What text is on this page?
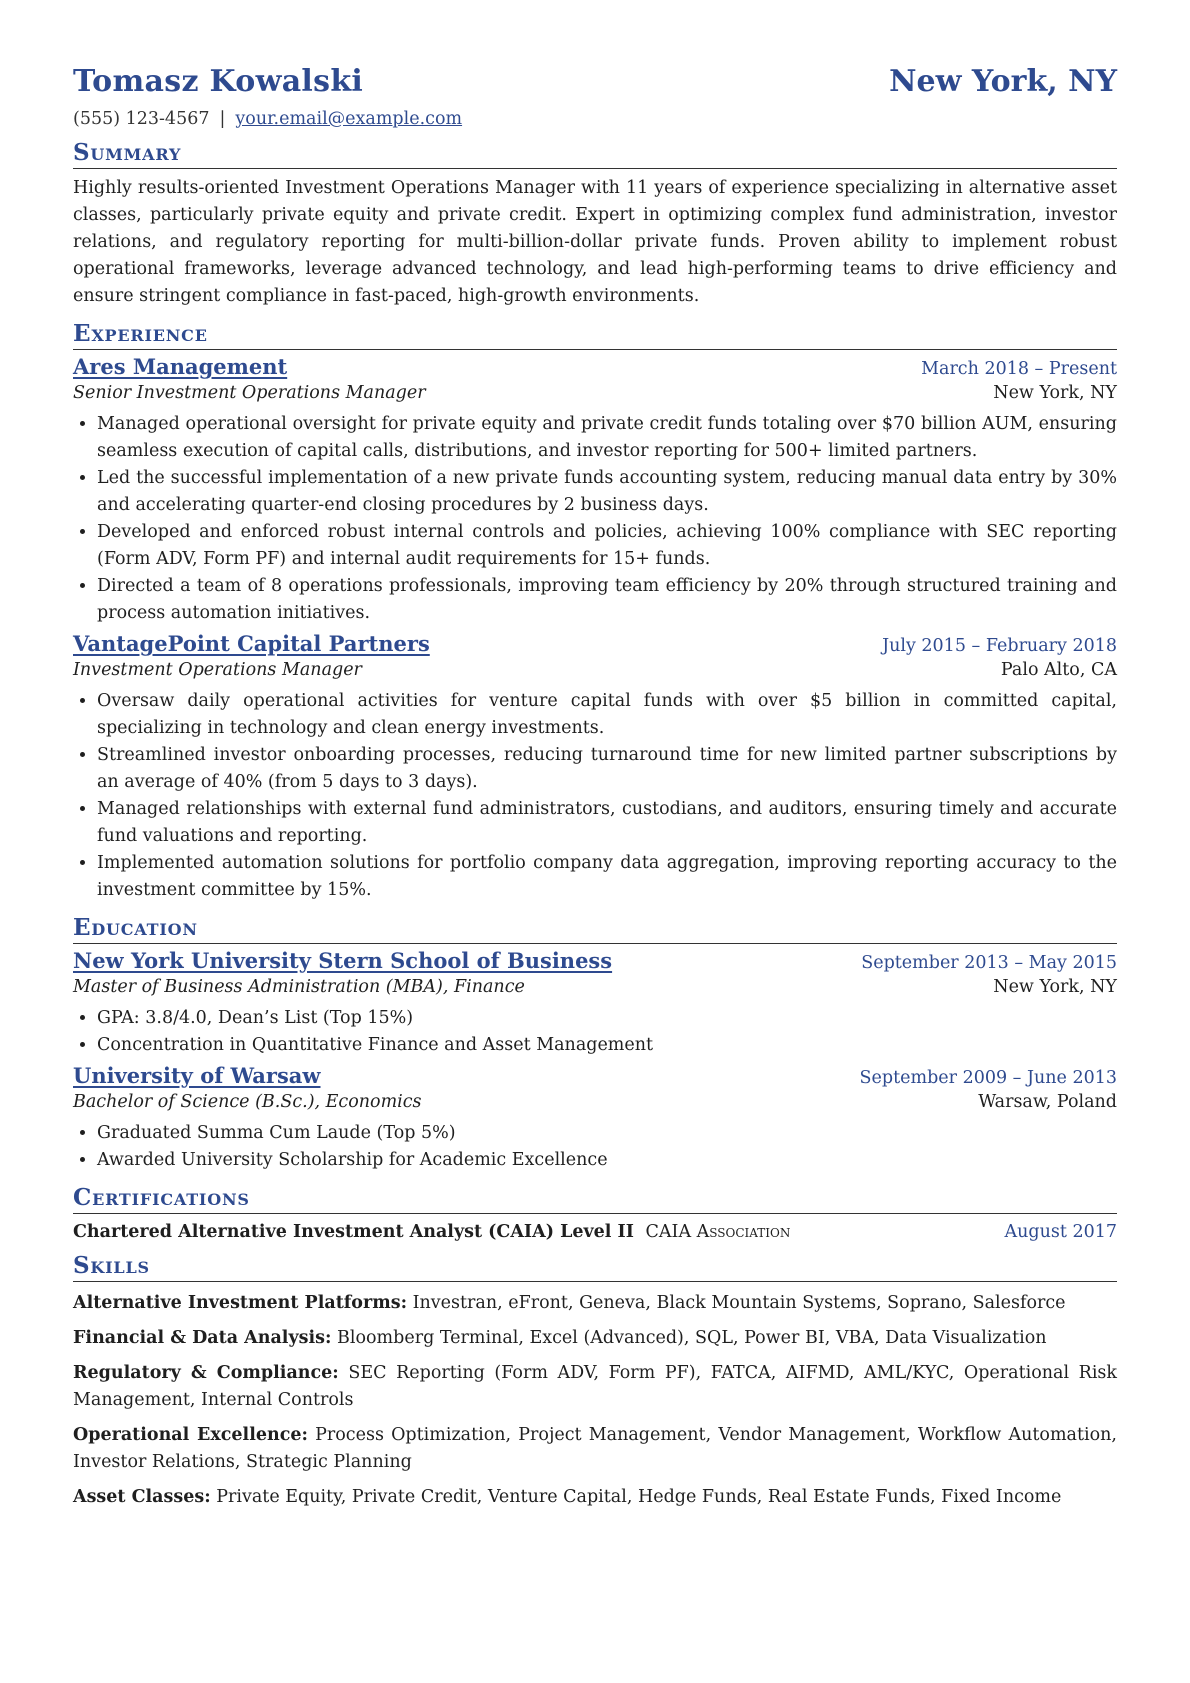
Tomasz Kowalski	New York, NY
(555) 123-4567 | your.email@example.com
Summary
Highly results-oriented Investment Operations Manager with 11 years of experience specializing in alternative asset classes, particularly private equity and private credit. Expert in optimizing complex fund administration, investor relations, and regulatory reporting for multi-billion-dollar private funds. Proven ability to implement robust operational frameworks, leverage advanced technology, and lead high-performing teams to drive efficiency and ensure stringent compliance in fast-paced, high-growth environments.
Experience
Ares Management	March 2018 – Present
Senior Investment Operations Manager	New York, NY
• Managed operational oversight for private equity and private credit funds totaling over $70 billion AUM, ensuring seamless execution of capital calls, distributions, and investor reporting for 500+ limited partners.
• Led the successful implementation of a new private funds accounting system, reducing manual data entry by 30% and accelerating quarter-end closing procedures by 2 business days.
• Developed and enforced robust internal controls and policies, achieving 100% compliance with SEC reporting (Form ADV, Form PF) and internal audit requirements for 15+ funds.
• Directed a team of 8 operations professionals, improving team efficiency by 20% through structured training and process automation initiatives.
VantagePoint Capital Partners	July 2015 – February 2018
Investment Operations Manager	Palo Alto, CA
• Oversaw daily operational activities for venture capital funds with over $5 billion in committed capital, specializing in technology and clean energy investments.
• Streamlined investor onboarding processes, reducing turnaround time for new limited partner subscriptions by an average of 40% (from 5 days to 3 days).
• Managed relationships with external fund administrators, custodians, and auditors, ensuring timely and accurate fund valuations and reporting.
• Implemented automation solutions for portfolio company data aggregation, improving reporting accuracy to the investment committee by 15%.
Education
New York University Stern School of Business	September 2013 – May 2015
Master of Business Administration (MBA), Finance	New York, NY
• GPA: 3.8/4.0, Dean’s List (Top 15%)
• Concentration in Quantitative Finance and Asset Management
University of Warsaw	September 2009 – June 2013
Bachelor of Science (B.Sc.), Economics	Warsaw, Poland
• Graduated Summa Cum Laude (Top 5%)
• Awarded University Scholarship for Academic Excellence
Certifications
Chartered Alternative Investment Analyst (CAIA) Level II CAIA Association	August 2017
Skills
Alternative Investment Platforms: Investran, eFront, Geneva, Black Mountain Systems, Soprano, Salesforce
Financial & Data Analysis: Bloomberg Terminal, Excel (Advanced), SQL, Power BI, VBA, Data Visualization
Regulatory & Compliance: SEC Reporting (Form ADV, Form PF), FATCA, AIFMD, AML/KYC, Operational Risk Management, Internal Controls
Operational Excellence: Process Optimization, Project Management, Vendor Management, Workflow Automation, Investor Relations, Strategic Planning
Asset Classes: Private Equity, Private Credit, Venture Capital, Hedge Funds, Real Estate Funds, Fixed Income
